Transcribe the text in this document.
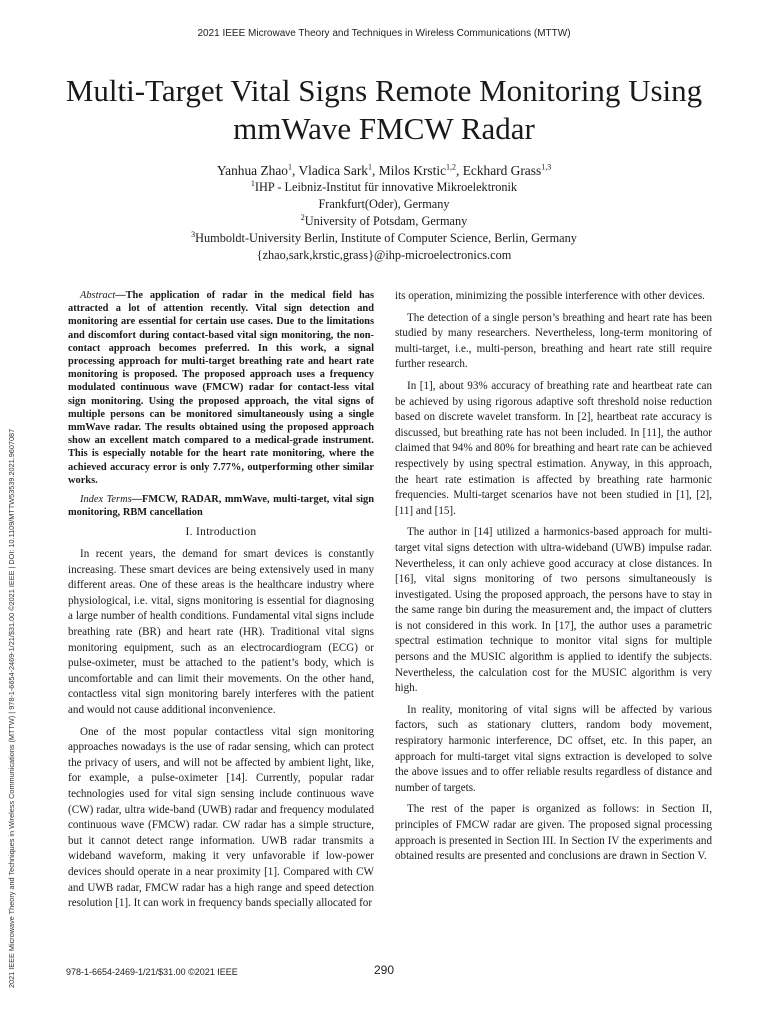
2021 IEEE Microwave Theory and Techniques in Wireless Communications (MTTW)
2021 IEEE Microwave Theory and Techniques in Wireless Communications (MTTW) | 978-1-6654-2469-1/21/$31.00 ©2021 IEEE | DOI: 10.1109/MTTW53539.2021.9607087
Multi-Target Vital Signs Remote Monitoring Using
mmWave FMCW Radar
Yanhua Zhao$^1$, Vladica Sark$^1$, Milos Krstic$^{1,2}$, Eckhard Grass$^{1,3}$
$^1$IHP - Leibniz-Institut für innovative Mikroelektronik
Frankfurt(Oder), Germany
$^2$University of Potsdam, Germany
$^3$Humboldt-University Berlin, Institute of Computer Science, Berlin, Germany
{zhao,sark,krstic,grass}@ihp-microelectronics.com

Abstract—The application of radar in the medical field has attracted a lot of attention recently. Vital sign detection and monitoring are essential for certain use cases. Due to the limitations and discomfort during contact-based vital sign monitoring, the non-contact approach becomes preferred. In this work, a signal processing approach for multi-target breathing rate and heart rate monitoring is proposed. The proposed approach uses a frequency modulated continuous wave (FMCW) radar for contact-less vital sign monitoring. Using the proposed approach, the vital signs of multiple persons can be monitored simultaneously using a single mmWave radar. The results obtained using the proposed approach show an excellent match compared to a medical-grade instrument. This is especially notable for the heart rate monitoring, where the achieved accuracy error is only 7.77%, outperforming other similar works.

Index Terms—FMCW, RADAR, mmWave, multi-target, vital sign monitoring, RBM cancellation

I. Introduction

In recent years, the demand for smart devices is constantly increasing. These smart devices are being extensively used in many different areas. One of these areas is the healthcare industry where physiological, i.e. vital, signs monitoring is essential for diagnosing a large number of health conditions. Fundamental vital signs include breathing rate (BR) and heart rate (HR). Traditional vital signs monitoring equipment, such as an electrocardiogram (ECG) or pulse-oximeter, must be attached to the patient’s body, which is uncomfortable and can limit their movements. On the other hand, contactless vital sign monitoring barely interferes with the patient and would not cause additional inconvenience.

One of the most popular contactless vital sign monitoring approaches nowadays is the use of radar sensing, which can protect the privacy of users, and will not be affected by ambient light, like, for example, a pulse-oximeter [14]. Currently, popular radar technologies used for vital sign sensing include continuous wave (CW) radar, ultra wide-band (UWB) radar and frequency modulated continuous wave (FMCW) radar. CW radar has a simple structure, but it cannot detect range information. UWB radar transmits a wideband waveform, making it very unfavorable if low-power devices should operate in a near proximity [1]. Compared with CW and UWB radar, FMCW radar has a high range and speed detection resolution [1]. It can work in frequency bands specially allocated for

its operation, minimizing the possible interference with other devices.

The detection of a single person’s breathing and heart rate has been studied by many researchers. Nevertheless, long-term monitoring of multi-target, i.e., multi-person, breathing and heart rate still require further research.

In [1], about 93% accuracy of breathing rate and heartbeat rate can be achieved by using rigorous adaptive soft threshold noise reduction based on discrete wavelet transform. In [2], heartbeat rate accuracy is discussed, but breathing rate has not been included. In [11], the author claimed that 94% and 80% for breathing and heart rate can be achieved respectively by using spectral estimation. Anyway, in this approach, the heart rate estimation is affected by breathing rate harmonic frequencies. Multi-target scenarios have not been studied in [1], [2], [11] and [15].

The author in [14] utilized a harmonics-based approach for multi-target vital signs detection with ultra-wideband (UWB) impulse radar. Nevertheless, it can only achieve good accuracy at close distances. In [16], vital signs monitoring of two persons simultaneously is investigated. Using the proposed approach, the persons have to stay in the same range bin during the measurement and, the impact of clutters is not considered in this work. In [17], the author uses a parametric spectral estimation technique to monitor vital signs for multiple persons and the MUSIC algorithm is applied to identify the subjects. Nevertheless, the calculation cost for the MUSIC algorithm is very high.

In reality, monitoring of vital signs will be affected by various factors, such as stationary clutters, random body movement, respiratory harmonic interference, DC offset, etc. In this paper, an approach for multi-target vital signs extraction is developed to solve the above issues and to offer reliable results regardless of distance and number of targets.

The rest of the paper is organized as follows: in Section II, principles of FMCW radar are given. The proposed signal processing approach is presented in Section III. In Section IV the experiments and obtained results are presented and conclusions are drawn in Section V.

978-1-6654-2469-1/21/$31.00 ©2021 IEEE	290
